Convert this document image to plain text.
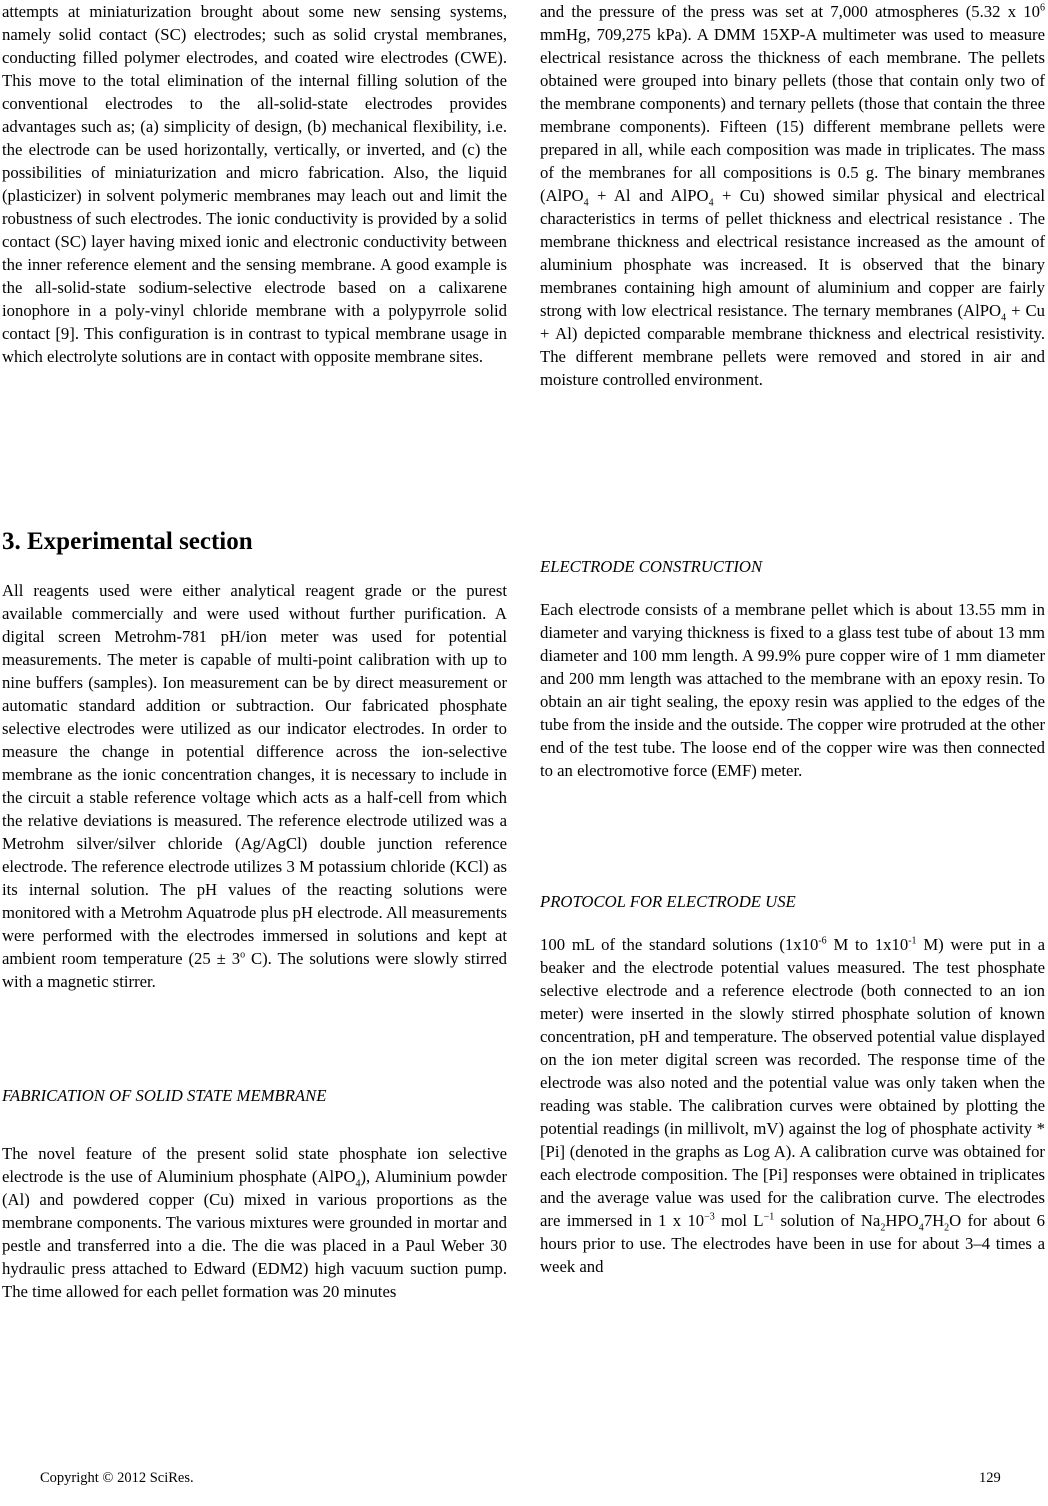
attempts at miniaturization brought about some new sensing systems, namely solid contact (SC) electrodes; such as solid crystal membranes, conducting filled polymer electrodes, and coated wire electrodes (CWE). This move to the total elimination of the internal filling solution of the conventional electrodes to the all-solid-state electrodes provides advantages such as; (a) simplicity of design, (b) mechanical flexibility, i.e. the electrode can be used horizontally, vertically, or inverted, and (c) the possibilities of miniaturization and micro fabrication. Also, the liquid (plasticizer) in solvent polymeric membranes may leach out and limit the robustness of such electrodes. The ionic conductivity is provided by a solid contact (SC) layer having mixed ionic and electronic conductivity between the inner reference element and the sensing membrane. A good example is the all-solid-state sodium-selective electrode based on a calixarene ionophore in a poly-vinyl chloride membrane with a polypyrrole solid contact [9]. This configuration is in contrast to typical membrane usage in which electrolyte solutions are in contact with opposite membrane sites.

3. Experimental section

All reagents used were either analytical reagent grade or the purest available commercially and were used without further purification. A digital screen Metrohm-781 pH/ion meter was used for potential measurements. The meter is capable of multi-point calibration with up to nine buffers (samples). Ion measurement can be by direct measurement or automatic standard addition or subtraction. Our fabricated phosphate selective electrodes were utilized as our indicator electrodes. In order to measure the change in potential difference across the ion-selective membrane as the ionic concentration changes, it is necessary to include in the circuit a stable reference voltage which acts as a half-cell from which the relative deviations is measured. The reference electrode utilized was a Metrohm silver/silver chloride (Ag/AgCl) double junction reference electrode. The reference electrode utilizes 3 M potassium chloride (KCl) as its internal solution. The pH values of the reacting solutions were monitored with a Metrohm Aquatrode plus pH electrode. All measurements were performed with the electrodes immersed in solutions and kept at ambient room temperature ($25 \pm 3^o$ C). The solutions were slowly stirred with a magnetic stirrer.

FABRICATION OF SOLID STATE MEMBRANE

The novel feature of the present solid state phosphate ion selective electrode is the use of Aluminium phosphate (AlPO$_4$), Aluminium powder (Al) and powdered copper (Cu) mixed in various proportions as the membrane components. The various mixtures were grounded in mortar and pestle and transferred into a die. The die was placed in a Paul Weber 30 hydraulic press attached to Edward (EDM2) high vacuum suction pump. The time allowed for each pellet formation was 20 minutes

and the pressure of the press was set at 7,000 atmospheres (5.32 x $10^6$ mmHg, 709,275 kPa). A DMM 15XP-A multimeter was used to measure electrical resistance across the thickness of each membrane. The pellets obtained were grouped into binary pellets (those that contain only two of the membrane components) and ternary pellets (those that contain the three membrane components). Fifteen (15) different membrane pellets were prepared in all, while each composition was made in triplicates. The mass of the membranes for all compositions is 0.5 g. The binary membranes (AlPO$_4$ + Al and AlPO$_4$ + Cu) showed similar physical and electrical characteristics in terms of pellet thickness and electrical resistance . The membrane thickness and electrical resistance increased as the amount of aluminium phosphate was increased. It is observed that the binary membranes containing high amount of aluminium and copper are fairly strong with low electrical resistance. The ternary membranes (AlPO$_4$ + Cu + Al) depicted comparable membrane thickness and electrical resistivity. The different membrane pellets were removed and stored in air and moisture controlled environment.

ELECTRODE CONSTRUCTION

Each electrode consists of a membrane pellet which is about 13.55 mm in diameter and varying thickness is fixed to a glass test tube of about 13 mm diameter and 100 mm length. A 99.9% pure copper wire of 1 mm diameter and 200 mm length was attached to the membrane with an epoxy resin. To obtain an air tight sealing, the epoxy resin was applied to the edges of the tube from the inside and the outside. The copper wire protruded at the other end of the test tube. The loose end of the copper wire was then connected to an electromotive force (EMF) meter.

PROTOCOL FOR ELECTRODE USE

100 mL of the standard solutions ($1x10^{-6}$ M to $1x10^{-1}$ M) were put in a beaker and the electrode potential values measured. The test phosphate selective electrode and a reference electrode (both connected to an ion meter) were inserted in the slowly stirred phosphate solution of known concentration, pH and temperature. The observed potential value displayed on the ion meter digital screen was recorded. The response time of the electrode was also noted and the potential value was only taken when the reading was stable. The calibration curves were obtained by plotting the potential readings (in millivolt, mV) against the log of phosphate activity *[Pi] (denoted in the graphs as Log A). A calibration curve was obtained for each electrode composition. The [Pi] responses were obtained in triplicates and the average value was used for the calibration curve. The electrodes are immersed in 1 x $10^{-3}$ mol $L^{-1}$ solution of $Na_2HPO_47H_2O$ for about 6 hours prior to use. The electrodes have been in use for about 3–4 times a week and

Copyright © 2012 SciRes.	129
